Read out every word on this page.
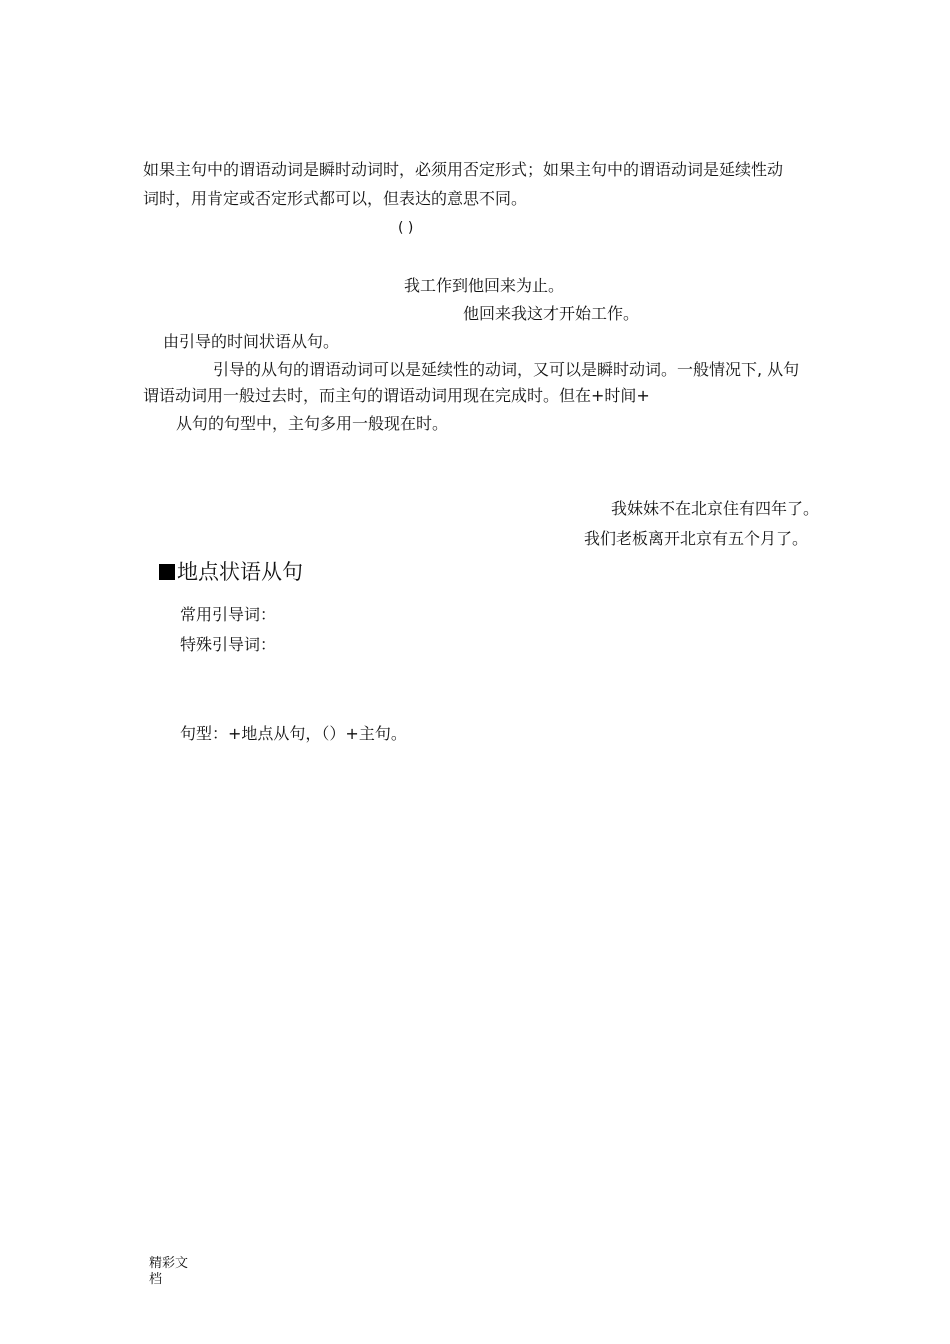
如果主句中的谓语动词是瞬时动词时，必须用否定形式；如果主句中的谓语动词是延续性动

词时，用肯定或否定形式都可以，但表达的意思不同。

( )

我工作到他回来为止。

他回来我这才开始工作。

由引导的时间状语从句。

引导的从句的谓语动词可以是延续性的动词，又可以是瞬时动词。一般情况下, 从句

谓语动词用一般过去时，而主句的谓语动词用现在完成时。但在+时间+

从句的句型中，主句多用一般现在时。

我妹妹不在北京住有四年了。

我们老板离开北京有五个月了。

地点状语从句

常用引导词：

特殊引导词：

句型：+地点从句，（）+主句。

精彩文
档
